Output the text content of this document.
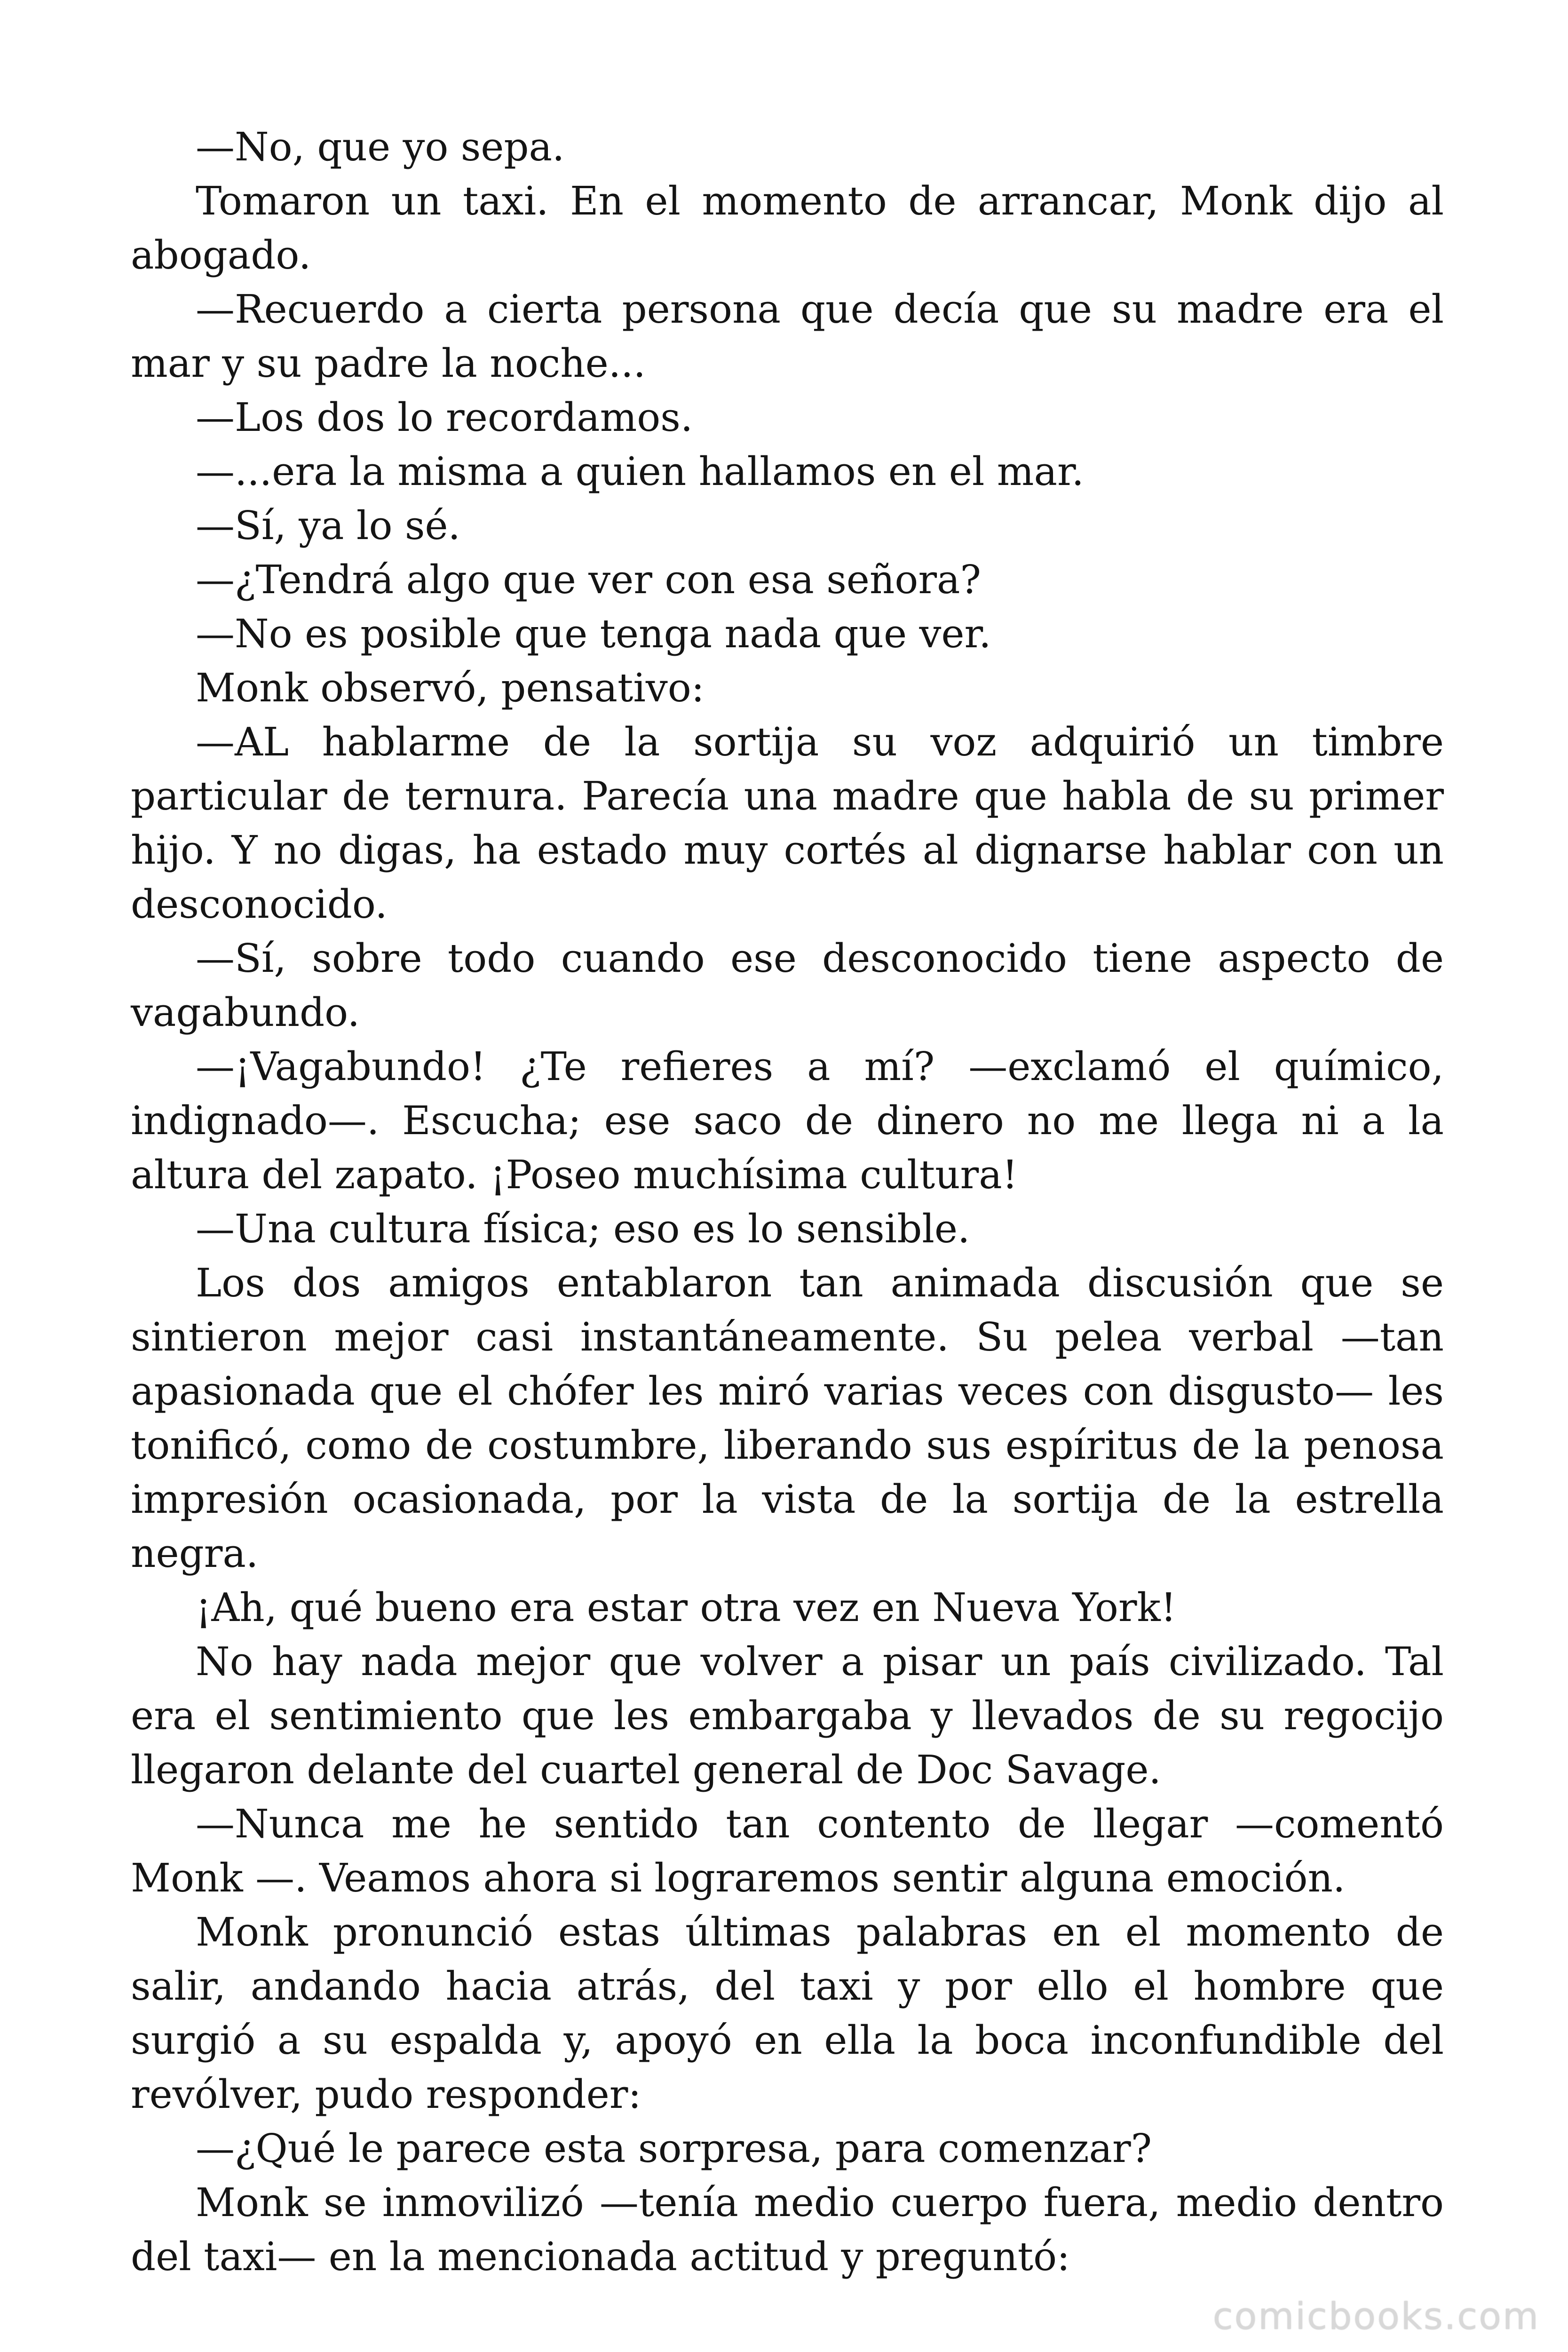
—No, que yo sepa.

Tomaron un taxi. En el momento de arrancar, Monk dijo al abogado.

—Recuerdo a cierta persona que decía que su madre era el mar y su padre la noche...

—Los dos lo recordamos.

—...era la misma a quien hallamos en el mar.

—Sí, ya lo sé.

—¿Tendrá algo que ver con esa señora?

—No es posible que tenga nada que ver.

Monk observó, pensativo:

—AL hablarme de la sortija su voz adquirió un timbre particular de ternura. Parecía una madre que habla de su primer hijo. Y no digas, ha estado muy cortés al dignarse hablar con un desconocido.

—Sí, sobre todo cuando ese desconocido tiene aspecto de vagabundo.

—¡Vagabundo! ¿Te refieres a mí? —exclamó el químico, indignado—. Escucha; ese saco de dinero no me llega ni a la altura del zapato. ¡Poseo muchísima cultura!

—Una cultura física; eso es lo sensible.

Los dos amigos entablaron tan animada discusión que se sintieron mejor casi instantáneamente. Su pelea verbal —tan apasionada que el chófer les miró varias veces con disgusto— les tonificó, como de costumbre, liberando sus espíritus de la penosa impresión ocasionada, por la vista de la sortija de la estrella negra.

¡Ah, qué bueno era estar otra vez en Nueva York!

No hay nada mejor que volver a pisar un país civilizado. Tal era el sentimiento que les embargaba y llevados de su regocijo llegaron delante del cuartel general de Doc Savage.

—Nunca me he sentido tan contento de llegar —comentó Monk —. Veamos ahora si lograremos sentir alguna emoción.

Monk pronunció estas últimas palabras en el momento de salir, andando hacia atrás, del taxi y por ello el hombre que surgió a su espalda y, apoyó en ella la boca inconfundible del revólver, pudo responder:

—¿Qué le parece esta sorpresa, para comenzar?

Monk se inmovilizó —tenía medio cuerpo fuera, medio dentro del taxi— en la mencionada actitud y preguntó:

comicbooks.com
